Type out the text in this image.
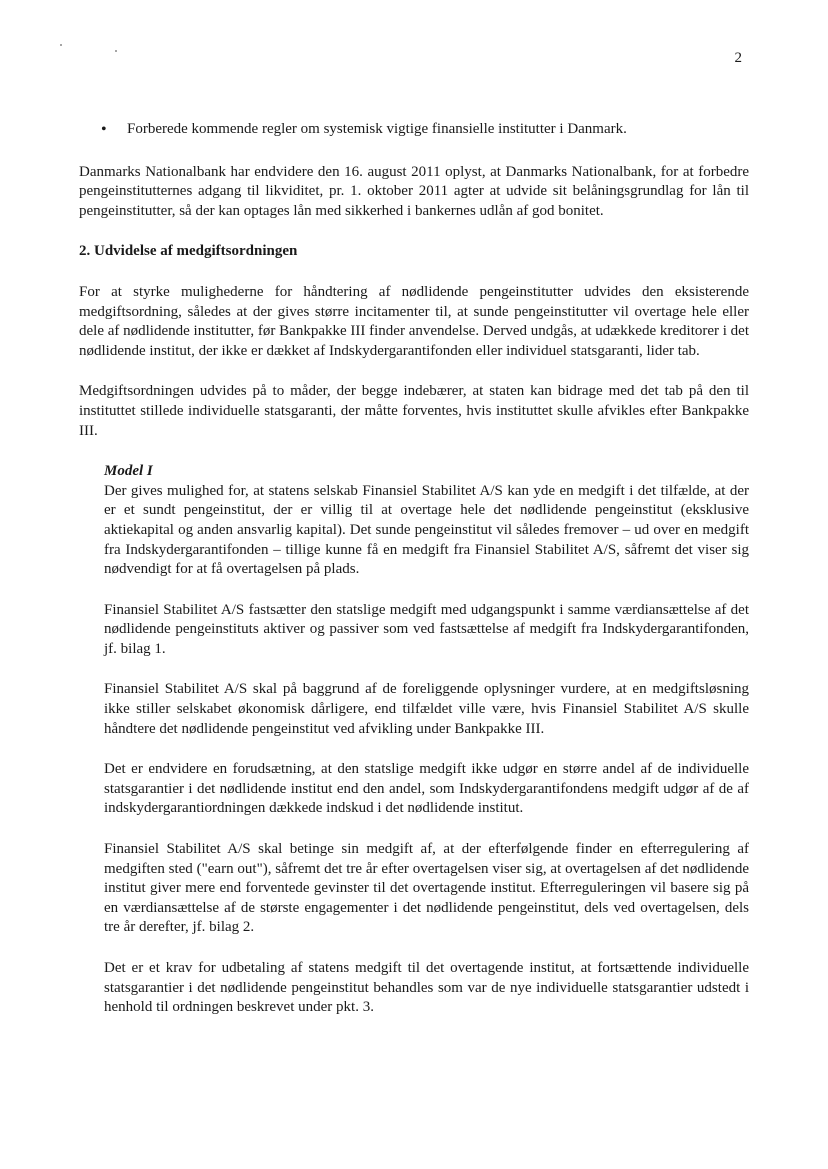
2
• Forberede kommende regler om systemisk vigtige finansielle institutter i Danmark.

Danmarks Nationalbank har endvidere den 16. august 2011 oplyst, at Danmarks Nationalbank, for at forbedre pengeinstitutternes adgang til likviditet, pr. 1. oktober 2011 agter at udvide sit belåningsgrundlag for lån til pengeinstitutter, så der kan optages lån med sikkerhed i bankernes udlån af god bonitet.

2. Udvidelse af medgiftsordningen

For at styrke mulighederne for håndtering af nødlidende pengeinstitutter udvides den eksisterende medgiftsordning, således at der gives større incitamenter til, at sunde pengeinstitutter vil overtage hele eller dele af nødlidende institutter, før Bankpakke III finder anvendelse. Derved undgås, at udækkede kreditorer i det nødlidende institut, der ikke er dækket af Indskydergarantifonden eller individuel statsgaranti, lider tab.

Medgiftsordningen udvides på to måder, der begge indebærer, at staten kan bidrage med det tab på den til instituttet stillede individuelle statsgaranti, der måtte forventes, hvis instituttet skulle afvikles efter Bankpakke III.

Model I

Der gives mulighed for, at statens selskab Finansiel Stabilitet A/S kan yde en medgift i det tilfælde, at der er et sundt pengeinstitut, der er villig til at overtage hele det nødlidende pengeinstitut (eksklusive aktiekapital og anden ansvarlig kapital). Det sunde pengeinstitut vil således fremover – ud over en medgift fra Indskydergarantifonden – tillige kunne få en medgift fra Finansiel Stabilitet A/S, såfremt det viser sig nødvendigt for at få overtagelsen på plads.

Finansiel Stabilitet A/S fastsætter den statslige medgift med udgangspunkt i samme værdiansættelse af det nødlidende pengeinstituts aktiver og passiver som ved fastsættelse af medgift fra Indskydergarantifonden, jf. bilag 1.

Finansiel Stabilitet A/S skal på baggrund af de foreliggende oplysninger vurdere, at en medgiftsløsning ikke stiller selskabet økonomisk dårligere, end tilfældet ville være, hvis Finansiel Stabilitet A/S skulle håndtere det nødlidende pengeinstitut ved afvikling under Bankpakke III.

Det er endvidere en forudsætning, at den statslige medgift ikke udgør en større andel af de individuelle statsgarantier i det nødlidende institut end den andel, som Indskydergarantifondens medgift udgør af de af indskydergarantiordningen dækkede indskud i det nødlidende institut.

Finansiel Stabilitet A/S skal betinge sin medgift af, at der efterfølgende finder en efterregulering af medgiften sted ("earn out"), såfremt det tre år efter overtagelsen viser sig, at overtagelsen af det nødlidende institut giver mere end forventede gevinster til det overtagende institut. Efterreguleringen vil basere sig på en værdiansættelse af de største engagementer i det nødlidende pengeinstitut, dels ved overtagelsen, dels tre år derefter, jf. bilag 2.

Det er et krav for udbetaling af statens medgift til det overtagende institut, at fortsættende individuelle statsgarantier i det nødlidende pengeinstitut behandles som var de nye individuelle statsgarantier udstedt i henhold til ordningen beskrevet under pkt. 3.
